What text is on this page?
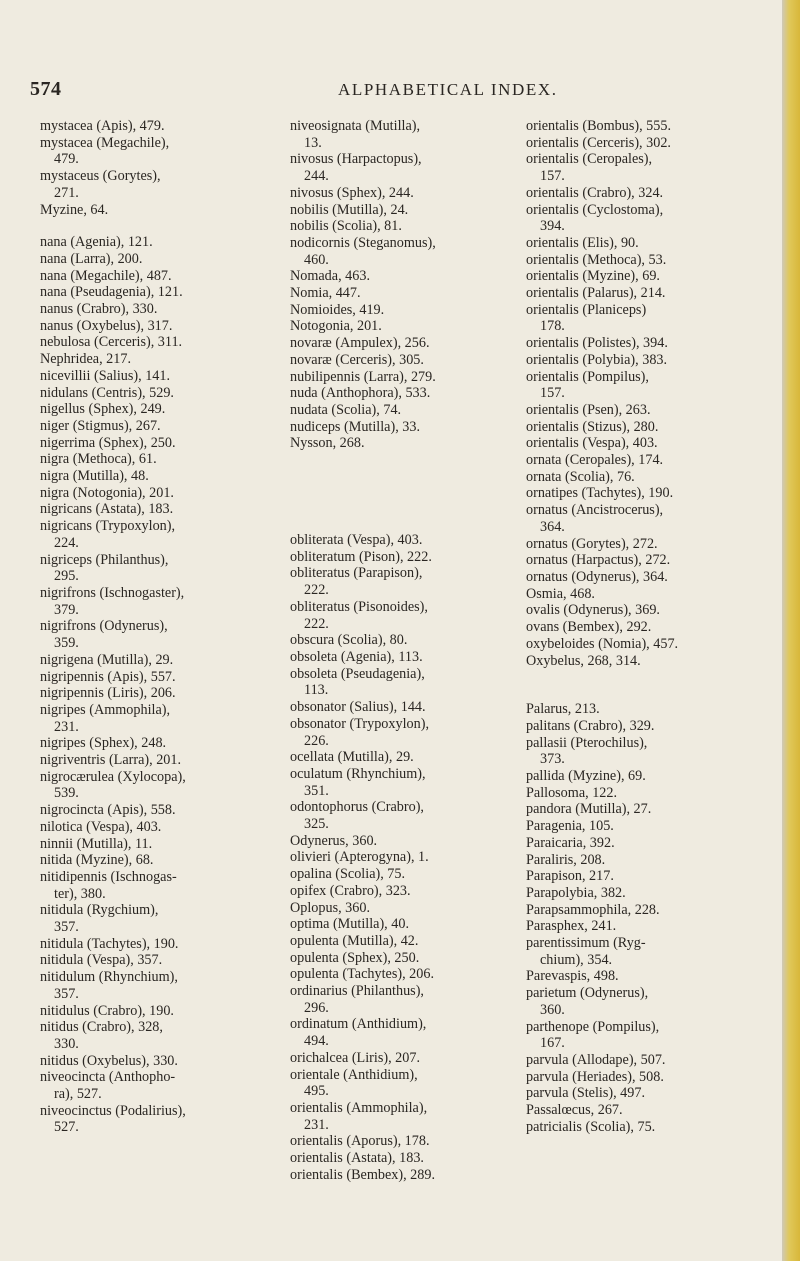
574	ALPHABETICAL INDEX.
mystacea (Apis), 479.
mystacea (Megachile),
479.
mystaceus (Gorytes),
271.
Myzine, 64.
nana (Agenia), 121.
nana (Larra), 200.
nana (Megachile), 487.
nana (Pseudagenia), 121.
nanus (Crabro), 330.
nanus (Oxybelus), 317.
nebulosa (Cerceris), 311.
Nephridea, 217.
nicevillii (Salius), 141.
nidulans (Centris), 529.
nigellus (Sphex), 249.
niger (Stigmus), 267.
nigerrima (Sphex), 250.
nigra (Methoca), 61.
nigra (Mutilla), 48.
nigra (Notogonia), 201.
nigricans (Astata), 183.
nigricans (Trypoxylon),
224.
nigriceps (Philanthus),
295.
nigrifrons (Ischnogaster),
379.
nigrifrons (Odynerus),
359.
nigrigena (Mutilla), 29.
nigripennis (Apis), 557.
nigripennis (Liris), 206.
nigripes (Ammophila),
231.
nigripes (Sphex), 248.
nigriventris (Larra), 201.
nigrocærulea (Xylocopa),
539.
nigrocincta (Apis), 558.
nilotica (Vespa), 403.
ninnii (Mutilla), 11.
nitida (Myzine), 68.
nitidipennis (Ischnogas-
ter), 380.
nitidula (Rygchium),
357.
nitidula (Tachytes), 190.
nitidula (Vespa), 357.
nitidulum (Rhynchium),
357.
nitidulus (Crabro), 190.
nitidus (Crabro), 328,
330.
nitidus (Oxybelus), 330.
niveocincta (Anthopho-
ra), 527.
niveocinctus (Podalirius),
527.
niveosignata (Mutilla),
13.
nivosus (Harpactopus),
244.
nivosus (Sphex), 244.
nobilis (Mutilla), 24.
nobilis (Scolia), 81.
nodicornis (Steganomus),
460.
Nomada, 463.
Nomia, 447.
Nomioides, 419.
Notogonia, 201.
novaræ (Ampulex), 256.
novaræ (Cerceris), 305.
nubilipennis (Larra), 279.
nuda (Anthophora), 533.
nudata (Scolia), 74.
nudiceps (Mutilla), 33.
Nysson, 268.
obliterata (Vespa), 403.
obliteratum (Pison), 222.
obliteratus (Parapison),
222.
obliteratus (Pisonoides),
222.
obscura (Scolia), 80.
obsoleta (Agenia), 113.
obsoleta (Pseudagenia),
113.
obsonator (Salius), 144.
obsonator (Trypoxylon),
226.
ocellata (Mutilla), 29.
oculatum (Rhynchium),
351.
odontophorus (Crabro),
325.
Odynerus, 360.
olivieri (Apterogyna), 1.
opalina (Scolia), 75.
opifex (Crabro), 323.
Oplopus, 360.
optima (Mutilla), 40.
opulenta (Mutilla), 42.
opulenta (Sphex), 250.
opulenta (Tachytes), 206.
ordinarius (Philanthus),
296.
ordinatum (Anthidium),
494.
orichalcea (Liris), 207.
orientale (Anthidium),
495.
orientalis (Ammophila),
231.
orientalis (Aporus), 178.
orientalis (Astata), 183.
orientalis (Bembex), 289.
orientalis (Bombus), 555.
orientalis (Cerceris), 302.
orientalis (Ceropales),
157.
orientalis (Crabro), 324.
orientalis (Cyclostoma),
394.
orientalis (Elis), 90.
orientalis (Methoca), 53.
orientalis (Myzine), 69.
orientalis (Palarus), 214.
orientalis (Planiceps)
178.
orientalis (Polistes), 394.
orientalis (Polybia), 383.
orientalis (Pompilus),
157.
orientalis (Psen), 263.
orientalis (Stizus), 280.
orientalis (Vespa), 403.
ornata (Ceropales), 174.
ornata (Scolia), 76.
ornatipes (Tachytes), 190.
ornatus (Ancistrocerus),
364.
ornatus (Gorytes), 272.
ornatus (Harpactus), 272.
ornatus (Odynerus), 364.
Osmia, 468.
ovalis (Odynerus), 369.
ovans (Bembex), 292.
oxybeloides (Nomia), 457.
Oxybelus, 268, 314.
Palarus, 213.
palitans (Crabro), 329.
pallasii (Pterochilus),
373.
pallida (Myzine), 69.
Pallosoma, 122.
pandora (Mutilla), 27.
Paragenia, 105.
Paraicaria, 392.
Paraliris, 208.
Parapison, 217.
Parapolybia, 382.
Parapsammophila, 228.
Parasphex, 241.
parentissimum (Ryg-
chium), 354.
Parevaspis, 498.
parietum (Odynerus),
360.
parthenope (Pompilus),
167.
parvula (Allodape), 507.
parvula (Heriades), 508.
parvula (Stelis), 497.
Passalœcus, 267.
patricialis (Scolia), 75.
